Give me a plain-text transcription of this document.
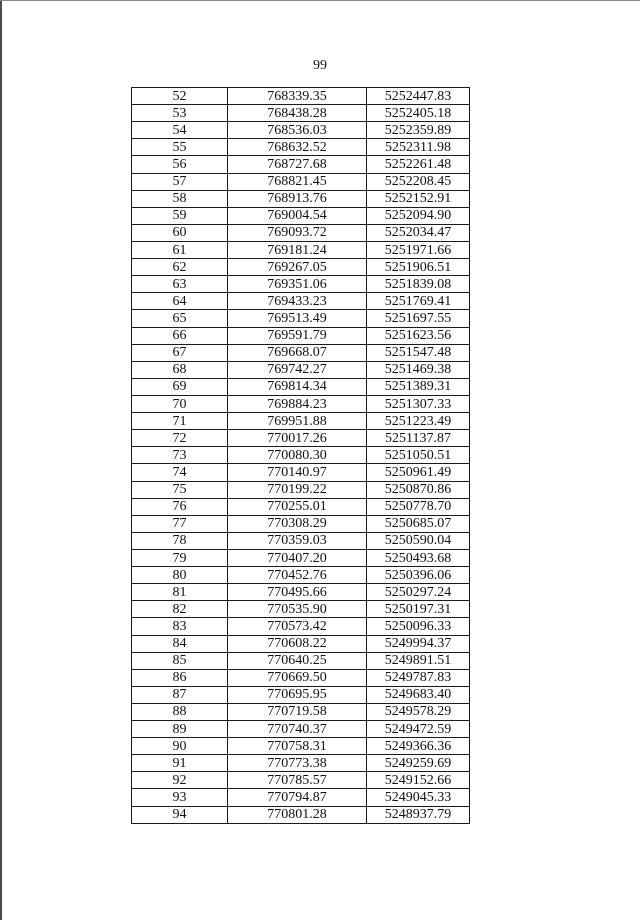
99
52	768339.35	5252447.83
53	768438.28	5252405.18
54	768536.03	5252359.89
55	768632.52	5252311.98
56	768727.68	5252261.48
57	768821.45	5252208.45
58	768913.76	5252152.91
59	769004.54	5252094.90
60	769093.72	5252034.47
61	769181.24	5251971.66
62	769267.05	5251906.51
63	769351.06	5251839.08
64	769433.23	5251769.41
65	769513.49	5251697.55
66	769591.79	5251623.56
67	769668.07	5251547.48
68	769742.27	5251469.38
69	769814.34	5251389.31
70	769884.23	5251307.33
71	769951.88	5251223.49
72	770017.26	5251137.87
73	770080.30	5251050.51
74	770140.97	5250961.49
75	770199.22	5250870.86
76	770255.01	5250778.70
77	770308.29	5250685.07
78	770359.03	5250590.04
79	770407.20	5250493.68
80	770452.76	5250396.06
81	770495.66	5250297.24
82	770535.90	5250197.31
83	770573.42	5250096.33
84	770608.22	5249994.37
85	770640.25	5249891.51
86	770669.50	5249787.83
87	770695.95	5249683.40
88	770719.58	5249578.29
89	770740.37	5249472.59
90	770758.31	5249366.36
91	770773.38	5249259.69
92	770785.57	5249152.66
93	770794.87	5249045.33
94	770801.28	5248937.79
